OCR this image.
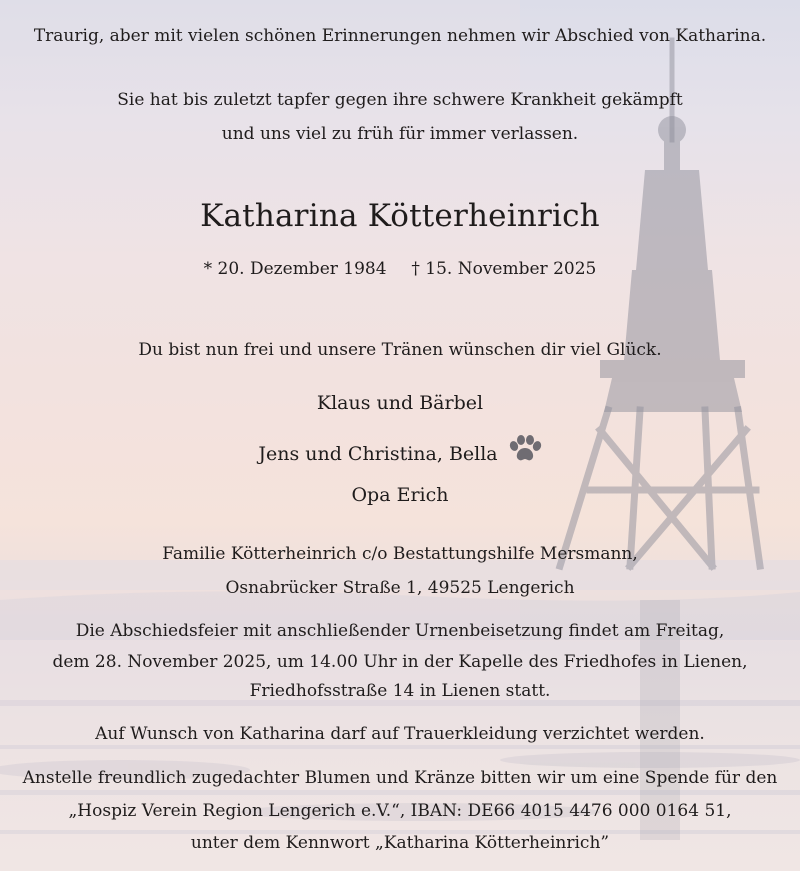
Traurig, aber mit vielen schönen Erinnerungen nehmen wir Abschied von Katharina.
Sie hat bis zuletzt tapfer gegen ihre schwere Krankheit gekämpft
und uns viel zu früh für immer verlassen.
Katharina Kötterheinrich
* 20. Dezember 1984 † 15. November 2025
Du bist nun frei und unsere Tränen wünschen dir viel Glück.
Klaus und Bärbel
Jens und Christina, Bella
Opa Erich
Familie Kötterheinrich c/o Bestattungshilfe Mersmann,
Osnabrücker Straße 1, 49525 Lengerich
Die Abschiedsfeier mit anschließender Urnenbeisetzung findet am Freitag,
dem 28. November 2025, um 14.00 Uhr in der Kapelle des Friedhofes in Lienen,
Friedhofsstraße 14 in Lienen statt.
Auf Wunsch von Katharina darf auf Trauerkleidung verzichtet werden.
Anstelle freundlich zugedachter Blumen und Kränze bitten wir um eine Spende für den
„Hospiz Verein Region Lengerich e.V.“, IBAN: DE66 4015 4476 000 0164 51,
unter dem Kennwort „Katharina Kötterheinrich”
